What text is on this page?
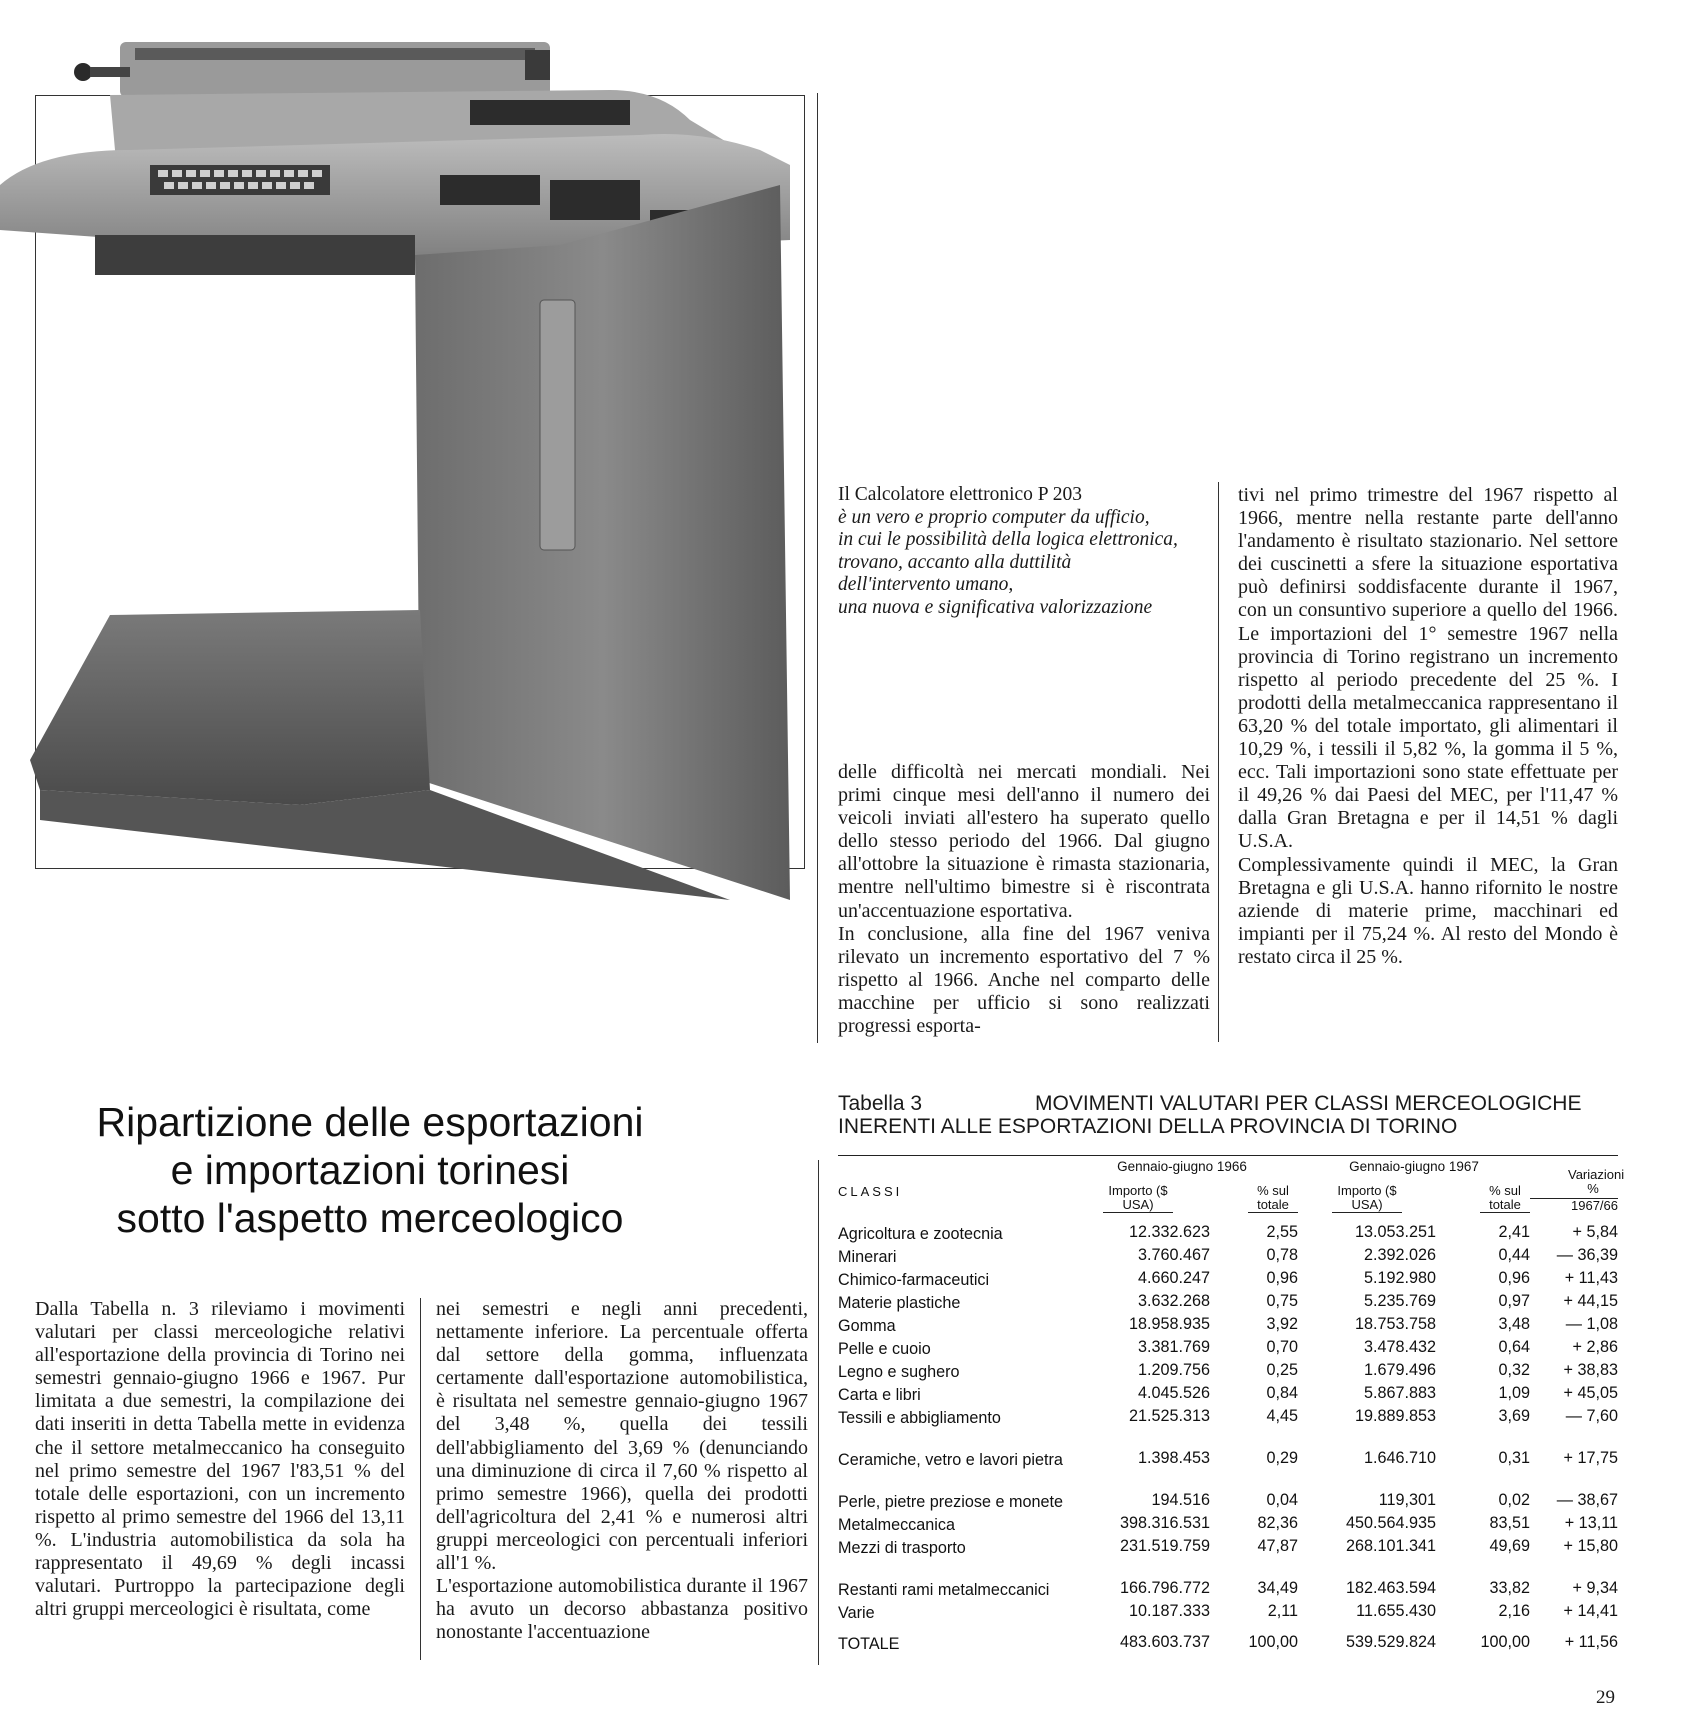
Il Calcolatore elettronico P 203
è un vero e proprio computer da ufficio,
in cui le possibilità della logica elettronica,
trovano, accanto alla duttilità
dell'intervento umano,
una nuova e significativa valorizzazione

delle difficoltà nei mercati mondiali. Nei primi cinque mesi dell'anno il numero dei veicoli inviati all'estero ha superato quello dello stesso periodo del 1966. Dal giugno all'ottobre la situazione è rimasta stazionaria, mentre nell'ultimo bimestre si è riscontrata un'accentuazione esportativa.

In conclusione, alla fine del 1967 veniva rilevato un incremento esportativo del 7 % rispetto al 1966. Anche nel comparto delle macchine per ufficio si sono realizzati progressi esporta-

tivi nel primo trimestre del 1967 rispetto al 1966, mentre nella restante parte dell'anno l'andamento è risultato stazionario. Nel settore dei cuscinetti a sfere la situazione esportativa può definirsi soddisfacente durante il 1967, con un consuntivo superiore a quello del 1966. Le importazioni del 1° semestre 1967 nella provincia di Torino registrano un incremento rispetto al periodo precedente del 25 %. I prodotti della metalmeccanica rappresentano il 63,20 % del totale importato, gli alimentari il 10,29 %, i tessili il 5,82 %, la gomma il 5 %, ecc. Tali importazioni sono state effettuate per il 49,26 % dai Paesi del MEC, per l'11,47 % dalla Gran Bretagna e per il 14,51 % dagli U.S.A.

Complessivamente quindi il MEC, la Gran Bretagna e gli U.S.A. hanno rifornito le nostre aziende di materie prime, macchinari ed impianti per il 75,24 %. Al resto del Mondo è restato circa il 25 %.

Ripartizione delle esportazioni
e importazioni torinesi
sotto l'aspetto merceologico

Dalla Tabella n. 3 rileviamo i movimenti valutari per classi merceologiche relativi all'esportazione della provincia di Torino nei semestri gennaio-giugno 1966 e 1967. Pur limitata a due semestri, la compilazione dei dati inseriti in detta Tabella mette in evidenza che il settore metalmeccanico ha conseguito nel primo semestre del 1967 l'83,51 % del totale delle esportazioni, con un incremento rispetto al primo semestre del 1966 del 13,11 %. L'industria automobilistica da sola ha rappresentato il 49,69 % degli incassi valutari. Purtroppo la partecipazione degli altri gruppi merceologici è risultata, come

nei semestri e negli anni precedenti, nettamente inferiore. La percentuale offerta dal settore della gomma, influenzata certamente dall'esportazione automobilistica, è risultata nel semestre gennaio-giugno 1967 del 3,48 %, quella dei tessili dell'abbigliamento del 3,69 % (denunciando una diminuzione di circa il 7,60 % rispetto al primo semestre 1966), quella dei prodotti dell'agricoltura del 2,41 % e numerosi altri gruppi merceologici con percentuali inferiori all'1 %.

L'esportazione automobilistica durante il 1967 ha avuto un decorso abbastanza positivo nonostante l'accentuazione

Tabella 3	MOVIMENTI VALUTARI PER CLASSI MERCEOLOGICHE
INERENTI ALLE ESPORTAZIONI DELLA PROVINCIA DI TORINO
	Gennaio-giugno 1966		Gennaio-giugno 1967		Variazioni %
1967/66

CLASSI	Importo ($ USA)	% sul totale	Importo ($ USA)	% sul totale	

Agricoltura e zootecnia	12.332.623	2,55	13.053.251	2,41	+ 5,84
Minerari	3.760.467	0,78	2.392.026	0,44	— 36,39
Chimico-farmaceutici	4.660.247	0,96	5.192.980	0,96	+ 11,43
Materie plastiche	3.632.268	0,75	5.235.769	0,97	+ 44,15
Gomma	18.958.935	3,92	18.753.758	3,48	— 1,08
Pelle e cuoio	3.381.769	0,70	3.478.432	0,64	+ 2,86
Legno e sughero	1.209.756	0,25	1.679.496	0,32	+ 38,83
Carta e libri	4.045.526	0,84	5.867.883	1,09	+ 45,05
Tessili e abbigliamento	21.525.313	4,45	19.889.853	3,69	— 7,60
Ceramiche, vetro e lavori pietra	1.398.453	0,29	1.646.710	0,31	+ 17,75
Perle, pietre preziose e monete	194.516	0,04	119,301	0,02	— 38,67
Metalmeccanica	398.316.531	82,36	450.564.935	83,51	+ 13,11
Mezzi di trasporto	231.519.759	47,87	268.101.341	49,69	+ 15,80
Restanti rami metalmeccanici	166.796.772	34,49	182.463.594	33,82	+ 9,34
Varie	10.187.333	2,11	11.655.430	2,16	+ 14,41
TOTALE	483.603.737	100,00	539.529.824	100,00	+ 11,56
29
